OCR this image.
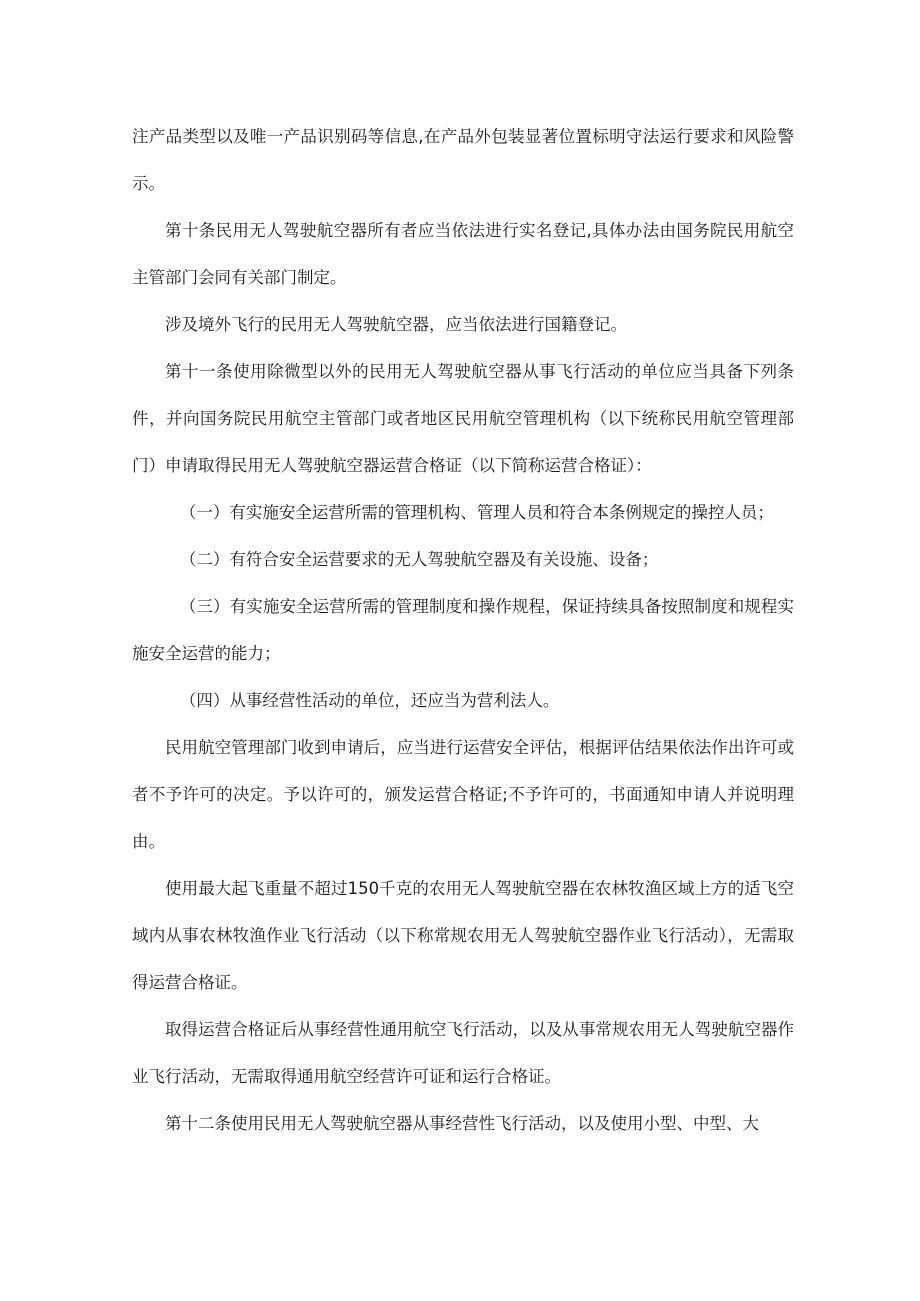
注产品类型以及唯一产品识别码等信息,在产品外包装显著位置标明守法运行要求和风险警示。

第十条民用无人驾驶航空器所有者应当依法进行实名登记,具体办法由国务院民用航空主管部门会同有关部门制定。

涉及境外飞行的民用无人驾驶航空器，应当依法进行国籍登记。

第十一条使用除微型以外的民用无人驾驶航空器从事飞行活动的单位应当具备下列条件，并向国务院民用航空主管部门或者地区民用航空管理机构（以下统称民用航空管理部门）申请取得民用无人驾驶航空器运营合格证（以下简称运营合格证）：

（一）有实施安全运营所需的管理机构、管理人员和符合本条例规定的操控人员；

（二）有符合安全运营要求的无人驾驶航空器及有关设施、设备；

（三）有实施安全运营所需的管理制度和操作规程，保证持续具备按照制度和规程实施安全运营的能力；

（四）从事经营性活动的单位，还应当为营利法人。

民用航空管理部门收到申请后，应当进行运营安全评估，根据评估结果依法作出许可或者不予许可的决定。予以许可的，颁发运营合格证;不予许可的，书面通知申请人并说明理由。

使用最大起飞重量不超过150千克的农用无人驾驶航空器在农林牧渔区域上方的适飞空域内从事农林牧渔作业飞行活动（以下称常规农用无人驾驶航空器作业飞行活动），无需取得运营合格证。

取得运营合格证后从事经营性通用航空飞行活动，以及从事常规农用无人驾驶航空器作业飞行活动，无需取得通用航空经营许可证和运行合格证。

第十二条使用民用无人驾驶航空器从事经营性飞行活动，以及使用小型、中型、大
